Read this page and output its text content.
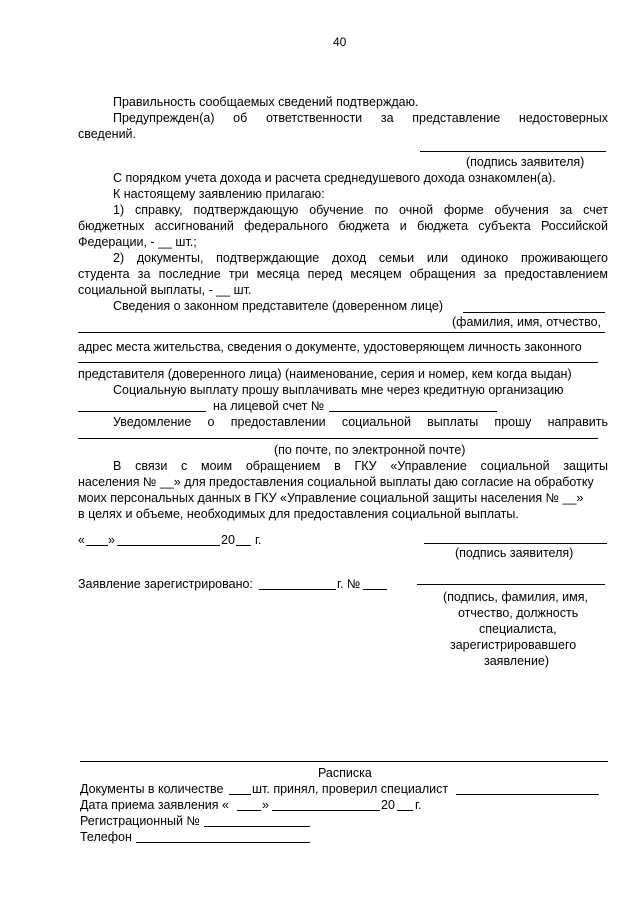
40
Правильность сообщаемых сведений подтверждаю.
Предупрежден(а) об ответственности за представление недостоверных
сведений.
(подпись заявителя)
С порядком учета дохода и расчета среднедушевого дохода ознакомлен(а).
К настоящему заявлению прилагаю:
1) справку, подтверждающую обучение по очной форме обучения за счет
бюджетных ассигнований федерального бюджета и бюджета субъекта Российской
Федерации, - __ шт.;
2) документы, подтверждающие доход семьи или одиноко проживающего
студента за последние три месяца перед месяцем обращения за предоставлением
социальной выплаты, - __ шт.
Сведения о законном представителе (доверенном лице)
(фамилия, имя, отчество,
адрес места жительства, сведения о документе, удостоверяющем личность законного
представителя (доверенного лица) (наименование, серия и номер, кем когда выдан)
Социальную выплату прошу выплачивать мне через кредитную организацию
на лицевой счет №
Уведомление о предоставлении социальной выплаты прошу направить
(по почте, по электронной почте)
В связи с моим обращением в ГКУ «Управление социальной защиты
населения № __» для предоставления социальной выплаты даю согласие на обработку
моих персональных данных в ГКУ «Управление социальной защиты населения № __»
в целях и объеме, необходимых для предоставления социальной выплаты.
« »	20 г.
(подпись заявителя)
Заявление зарегистрировано:	г. №
(подпись, фамилия, имя,
отчество, должность
специалиста,
зарегистрировавшего
заявление)
Расписка
Документы в количестве шт. принял, проверил специалист
Дата приема заявления «	»	20 г.
Регистрационный №
Телефон
